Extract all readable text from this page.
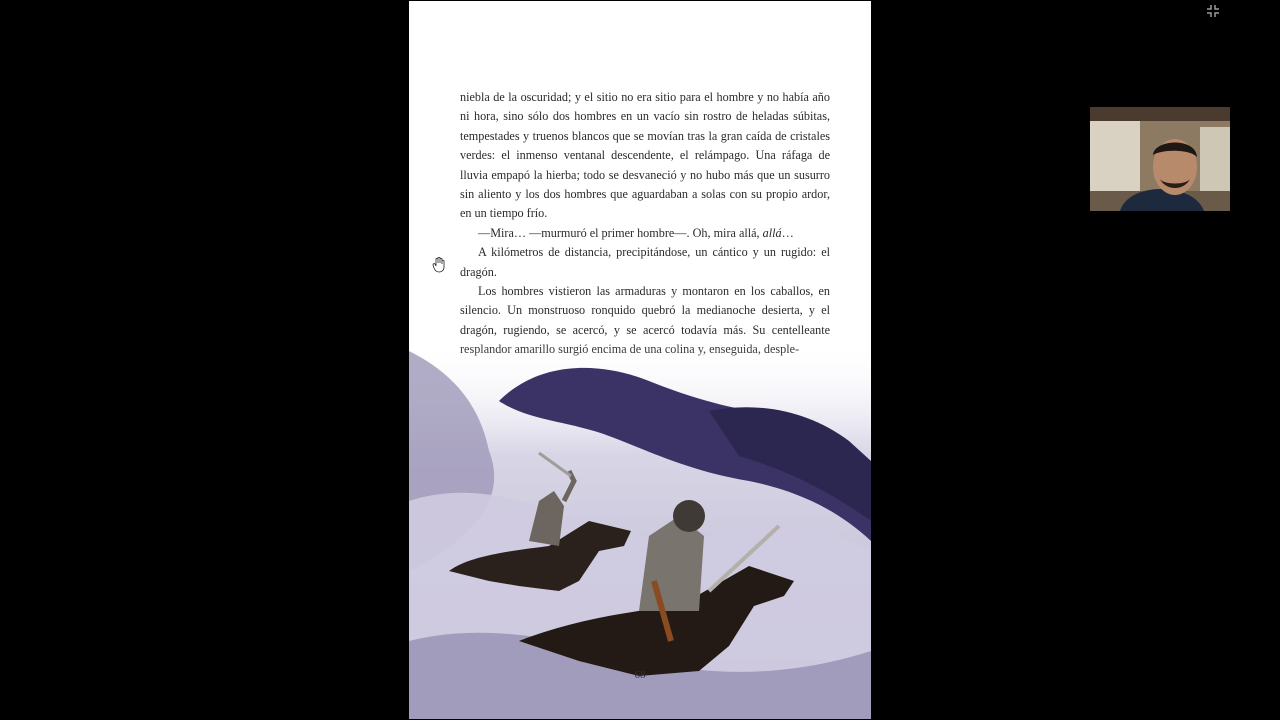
niebla de la oscuridad; y el sitio no era sitio para el hombre y no había año ni hora, sino sólo dos hombres en un vacío sin rostro de heladas súbitas, tempestades y truenos blancos que se movían tras la gran caída de cristales verdes: el inmenso ventanal descendente, el relámpago. Una ráfaga de lluvia empapó la hierba; todo se desvaneció y no hubo más que un susurro sin aliento y los dos hombres que aguardaban a solas con su propio ardor, en un tiempo frío.

—Mira… —murmuró el primer hombre—. Oh, mira allá, allá…

A kilómetros de distancia, precipitándose, un cántico y un rugido: el dragón.

Los hombres vistieron las armaduras y montaron en los caballos, en silencio. Un monstruoso ronquido quebró la medianoche desierta, y el dragón, rugiendo, se acercó, y se acercó todavía más. Su centelleante

68
